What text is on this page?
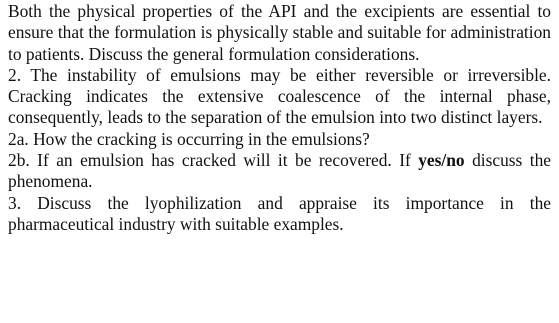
Both the physical properties of the API and the excipients are essential to ensure that the formulation is physically stable and suitable for administration to patients. Discuss the general formulation considerations.

2. The instability of emulsions may be either reversible or irreversible. Cracking indicates the extensive coalescence of the internal phase, consequently, leads to the separation of the emulsion into two distinct layers.

2a. How the cracking is occurring in the emulsions?

2b. If an emulsion has cracked will it be recovered. If yes/no discuss the phenomena.

3. Discuss the lyophilization and appraise its importance in the pharmaceutical industry with suitable examples.
